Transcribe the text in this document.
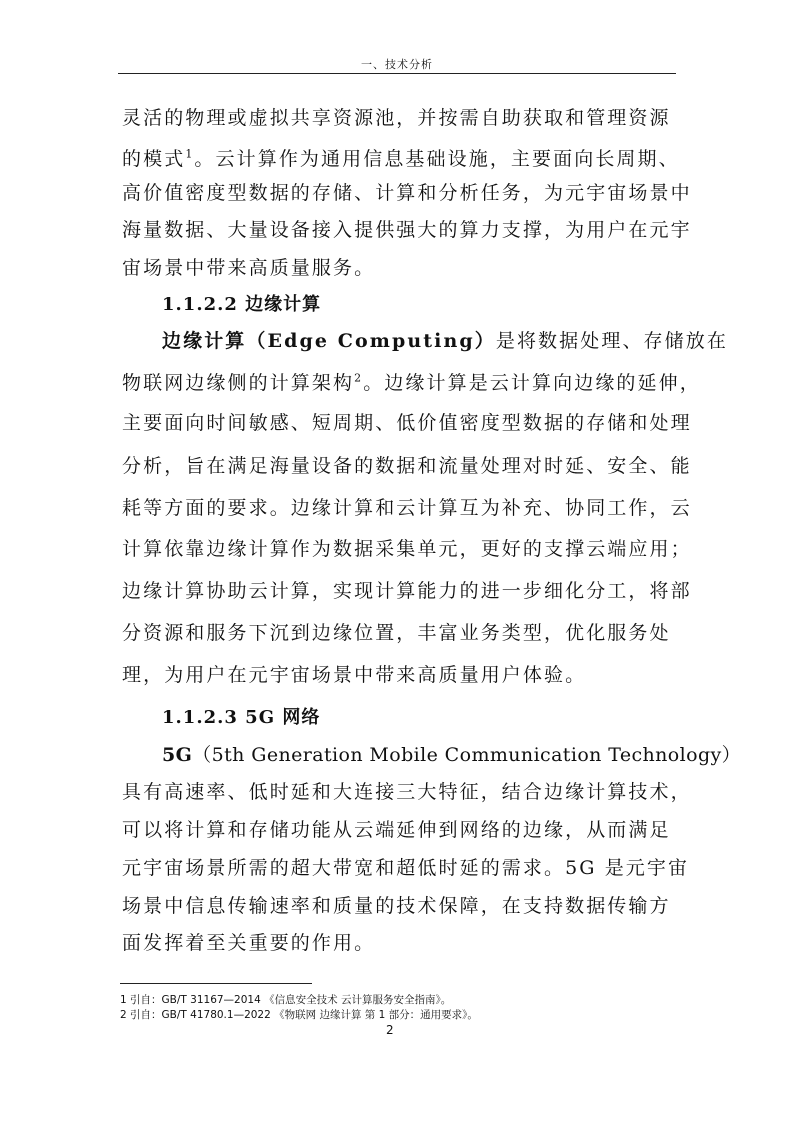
一、技术分析
灵活的物理或虚拟共享资源池，并按需自助获取和管理资源
的模式$^1$。云计算作为通用信息基础设施，主要面向长周期、
高价值密度型数据的存储、计算和分析任务，为元宇宙场景中
海量数据、大量设备接入提供强大的算力支撑，为用户在元宇
宙场景中带来高质量服务。
1.1.2.2 边缘计算
边缘计算（Edge Computing）是将数据处理、存储放在
物联网边缘侧的计算架构$^2$。边缘计算是云计算向边缘的延伸，
主要面向时间敏感、短周期、低价值密度型数据的存储和处理
分析，旨在满足海量设备的数据和流量处理对时延、安全、能
耗等方面的要求。边缘计算和云计算互为补充、协同工作，云
计算依靠边缘计算作为数据采集单元，更好的支撑云端应用；
边缘计算协助云计算，实现计算能力的进一步细化分工，将部
分资源和服务下沉到边缘位置，丰富业务类型，优化服务处
理，为用户在元宇宙场景中带来高质量用户体验。
1.1.2.3 5G 网络
5G（5th Generation Mobile Communication Technology）
具有高速率、低时延和大连接三大特征，结合边缘计算技术，
可以将计算和存储功能从云端延伸到网络的边缘，从而满足
元宇宙场景所需的超大带宽和超低时延的需求。5G 是元宇宙
场景中信息传输速率和质量的技术保障，在支持数据传输方
面发挥着至关重要的作用。
1 引自：GB/T 31167—2014 《信息安全技术 云计算服务安全指南》。
2 引自：GB/T 41780.1—2022 《物联网 边缘计算 第 1 部分：通用要求》。
2
